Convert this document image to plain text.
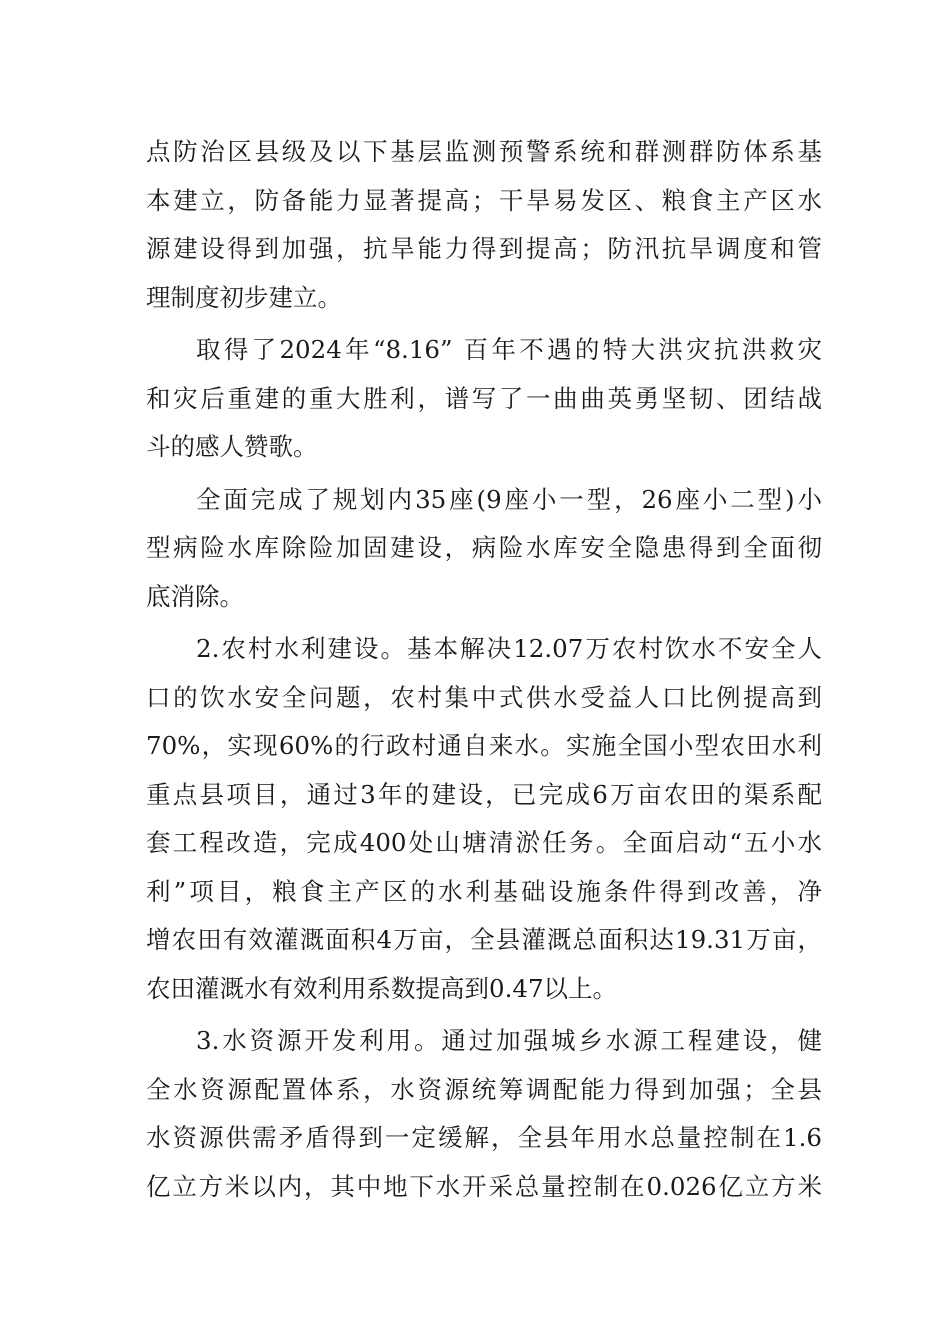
点防治区县级及以下基层监测预警系统和群测群防体系基
本建立，防备能力显著提高；干旱易发区、粮食主产区水
源建设得到加强，抗旱能力得到提高；防汛抗旱调度和管
理制度初步建立。
取得了2024年“8.16” 百年不遇的特大洪灾抗洪救灾
和灾后重建的重大胜利，谱写了一曲曲英勇坚韧、团结战
斗的感人赞歌。
全面完成了规划内35座(9座小一型，26座小二型)小
型病险水库除险加固建设，病险水库安全隐患得到全面彻
底消除。
2.农村水利建设。基本解决12.07万农村饮水不安全人
口的饮水安全问题，农村集中式供水受益人口比例提高到
70%，实现60%的行政村通自来水。实施全国小型农田水利
重点县项目，通过3年的建设，已完成6万亩农田的渠系配
套工程改造，完成400处山塘清淤任务。全面启动“五小水
利”项目，粮食主产区的水利基础设施条件得到改善，净
增农田有效灌溉面积4万亩，全县灌溉总面积达19.31万亩，
农田灌溉水有效利用系数提高到0.47以上。
3.水资源开发利用。通过加强城乡水源工程建设，健
全水资源配置体系，水资源统筹调配能力得到加强；全县
水资源供需矛盾得到一定缓解，全县年用水总量控制在1.6
亿立方米以内，其中地下水开采总量控制在0.026亿立方米
